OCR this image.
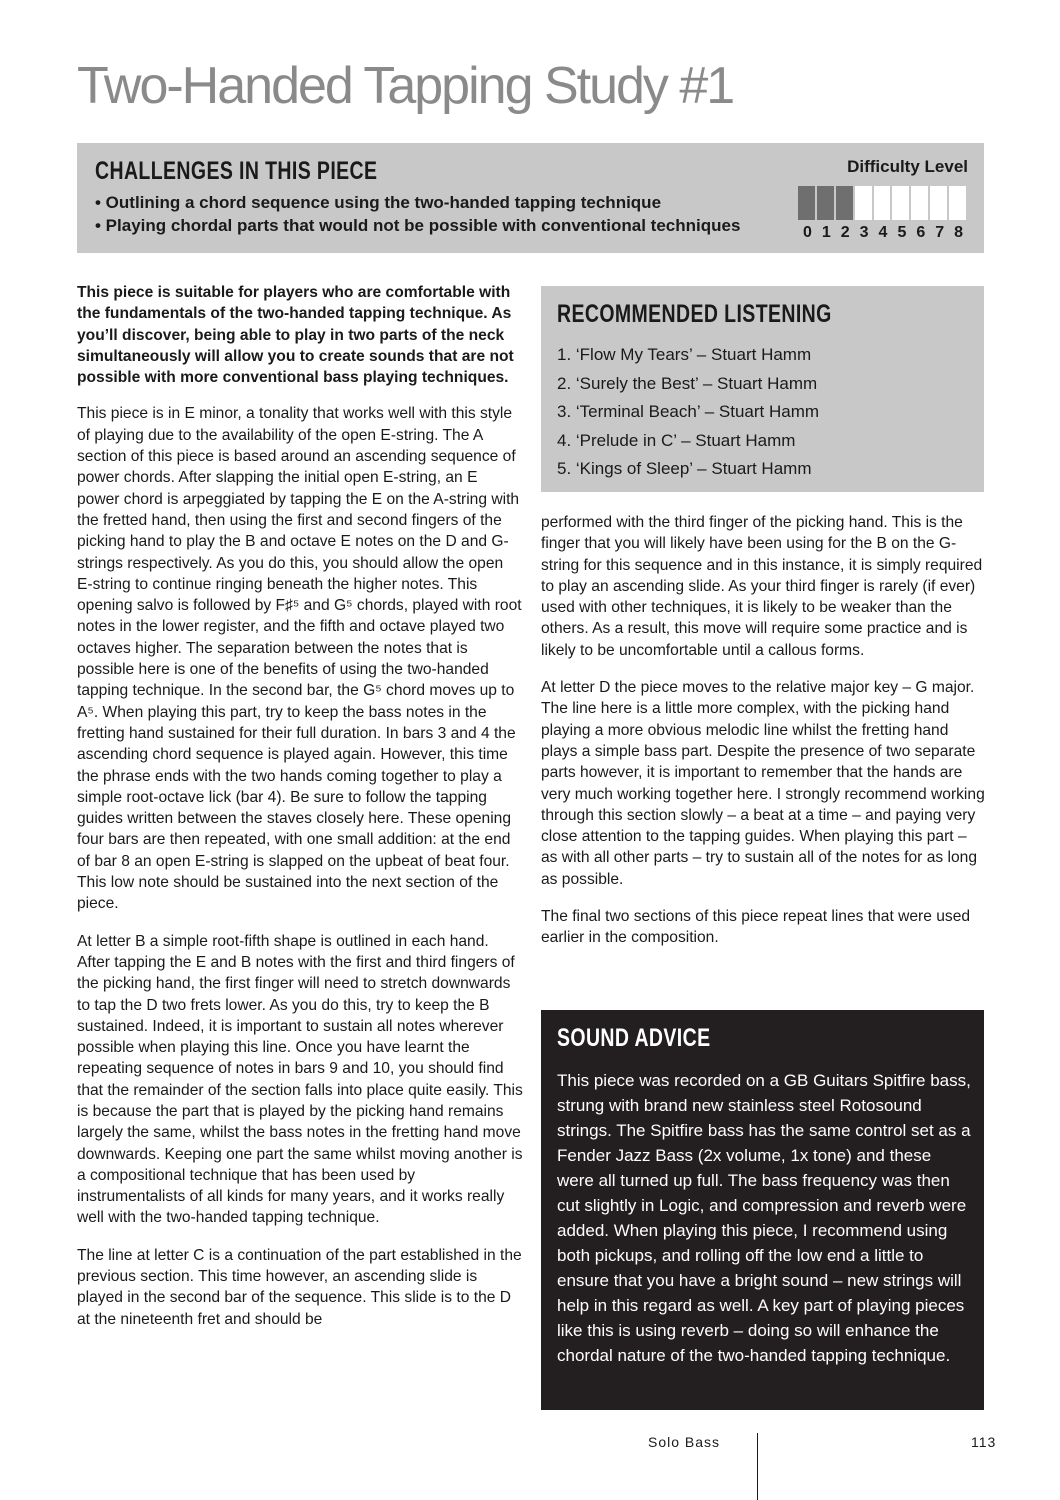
Two-Handed Tapping Study #1
CHALLENGES IN THIS PIECE
• Outlining a chord sequence using the two-handed tapping technique
• Playing chordal parts that would not be possible with conventional techniques
Difficulty Level
0 1 2 3 4 5 6 7 8

This piece is suitable for players who are comfortable with the fundamentals of the two-handed tapping technique. As you’ll discover, being able to play in two parts of the neck simultaneously will allow you to create sounds that are not possible with more conventional bass playing techniques.

This piece is in E minor, a tonality that works well with this style of playing due to the availability of the open E-string. The A section of this piece is based around an ascending sequence of power chords. After slapping the initial open E-string, an E power chord is arpeggiated by tapping the E on the A-string with the fretted hand, then using the first and second fingers of the picking hand to play the B and octave E notes on the D and G-strings respectively. As you do this, you should allow the open E-string to continue ringing beneath the higher notes. This opening salvo is followed by F♯⁵ and G⁵ chords, played with root notes in the lower register, and the fifth and octave played two octaves higher. The separation between the notes that is possible here is one of the benefits of using the two-handed tapping technique. In the second bar, the G⁵ chord moves up to A⁵. When playing this part, try to keep the bass notes in the fretting hand sustained for their full duration. In bars 3 and 4 the ascending chord sequence is played again. However, this time the phrase ends with the two hands coming together to play a simple root-octave lick (bar 4). Be sure to follow the tapping guides written between the staves closely here. These opening four bars are then repeated, with one small addition: at the end of bar 8 an open E-string is slapped on the upbeat of beat four. This low note should be sustained into the next section of the piece.

At letter B a simple root-fifth shape is outlined in each hand. After tapping the E and B notes with the first and third fingers of the picking hand, the first finger will need to stretch downwards to tap the D two frets lower. As you do this, try to keep the B sustained. Indeed, it is important to sustain all notes wherever possible when playing this line. Once you have learnt the repeating sequence of notes in bars 9 and 10, you should find that the remainder of the section falls into place quite easily. This is because the part that is played by the picking hand remains largely the same, whilst the bass notes in the fretting hand move downwards. Keeping one part the same whilst moving another is a compositional technique that has been used by instrumentalists of all kinds for many years, and it works really well with the two-handed tapping technique.

The line at letter C is a continuation of the part established in the previous section. This time however, an ascending slide is played in the second bar of the sequence. This slide is to the D at the nineteenth fret and should be

RECOMMENDED LISTENING
1. ‘Flow My Tears’ – Stuart Hamm
2. ‘Surely the Best’ – Stuart Hamm
3. ‘Terminal Beach’ – Stuart Hamm
4. ‘Prelude in C’ – Stuart Hamm
5. ‘Kings of Sleep’ – Stuart Hamm

performed with the third finger of the picking hand. This is the finger that you will likely have been using for the B on the G-string for this sequence and in this instance, it is simply required to play an ascending slide. As your third finger is rarely (if ever) used with other techniques, it is likely to be weaker than the others. As a result, this move will require some practice and is likely to be uncomfortable until a callous forms.

At letter D the piece moves to the relative major key – G major. The line here is a little more complex, with the picking hand playing a more obvious melodic line whilst the fretting hand plays a simple bass part. Despite the presence of two separate parts however, it is important to remember that the hands are very much working together here. I strongly recommend working through this section slowly – a beat at a time – and paying very close attention to the tapping guides. When playing this part – as with all other parts – try to sustain all of the notes for as long as possible.

The final two sections of this piece repeat lines that were used earlier in the composition.

SOUND ADVICE

This piece was recorded on a GB Guitars Spitfire bass, strung with brand new stainless steel Rotosound strings. The Spitfire bass has the same control set as a Fender Jazz Bass (2x volume, 1x tone) and these were all turned up full. The bass frequency was then cut slightly in Logic, and compression and reverb were added. When playing this piece, I recommend using both pickups, and rolling off the low end a little to ensure that you have a bright sound – new strings will help in this regard as well. A key part of playing pieces like this is using reverb – doing so will enhance the chordal nature of the two-handed tapping technique.

Solo Bass	113
